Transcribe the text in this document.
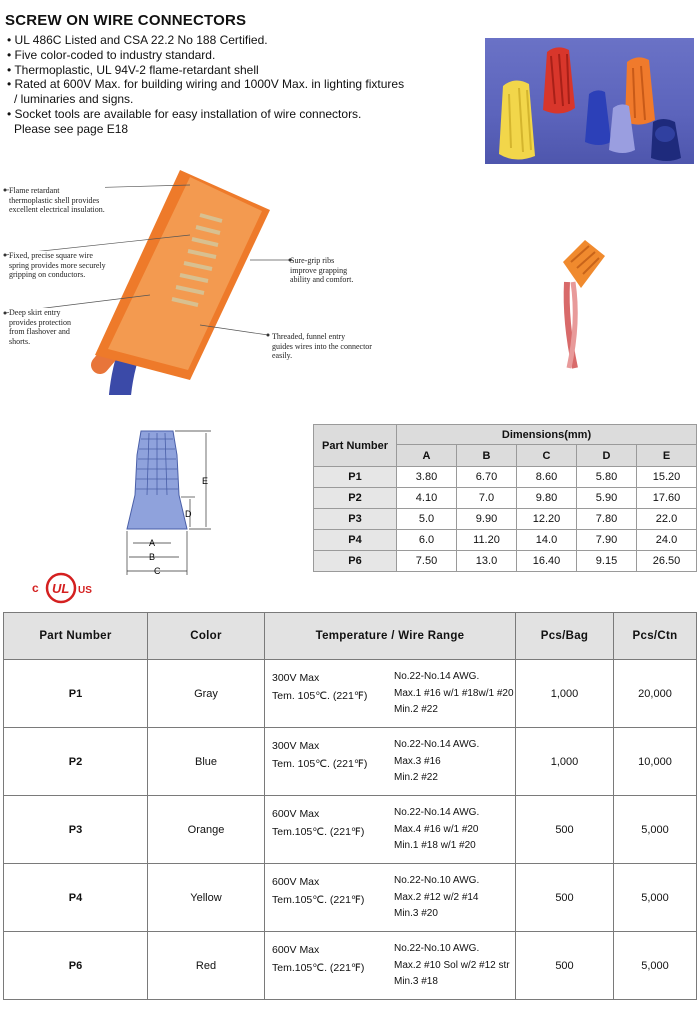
SCREW ON WIRE CONNECTORS
• UL 486C Listed and CSA 22.2 No 188 Certified.
• Five color-coded to industry standard.
• Thermoplastic, UL 94V-2 flame-retardant shell
• Rated at 600V Max. for building wiring and 1000V Max. in lighting fixtures
/ luminaries and signs.
• Socket tools are available for easy installation of wire connectors.
Please see page E18
Flame retardant
thermoplastic shell provides
excellent electrical insulation.
Fixed, precise square wire
spring provides more securely
gripping on conductors.
Deep skirt entry
provides protection
from flashover and
shorts.
Sure-grip ribs
improve grapping
ability and comfort.
Threaded, funnel entry
guides wires into the connector
easily.
A
B
C
D
E
c UL US
Part Number	Dimensions(mm)				
	A	B	C	D	E
P1	3.80	6.70	8.60	5.80	15.20
P2	4.10	7.0	9.80	5.90	17.60
P3	5.0	9.90	12.20	7.80	22.0
P4	6.0	11.20	14.0	7.90	24.0
P6	7.50	13.0	16.40	9.15	26.50
Part Number	Color	Temperature / Wire Range	Pcs/Bag	Pcs/Ctn
P1	Gray	300V Max
Tem. 105℃. (221℉)
No.22-No.14 AWG.
Max.1 #16 w/1 #18w/1 #20
Min.2 #22	1,000	20,000
P2	Blue	300V Max
Tem. 105℃. (221℉)
No.22-No.14 AWG.
Max.3 #16
Min.2 #22	1,000	10,000
P3	Orange	600V Max
Tem.105℃. (221℉)
No.22-No.14 AWG.
Max.4 #16 w/1 #20
Min.1 #18 w/1 #20	500	5,000
P4	Yellow	600V Max
Tem.105℃. (221℉)
No.22-No.10 AWG.
Max.2 #12 w/2 #14
Min.3 #20	500	5,000
P6	Red	600V Max
Tem.105℃. (221℉)
No.22-No.10 AWG.
Max.2 #10 Sol w/2 #12 str
Min.3 #18	500	5,000
